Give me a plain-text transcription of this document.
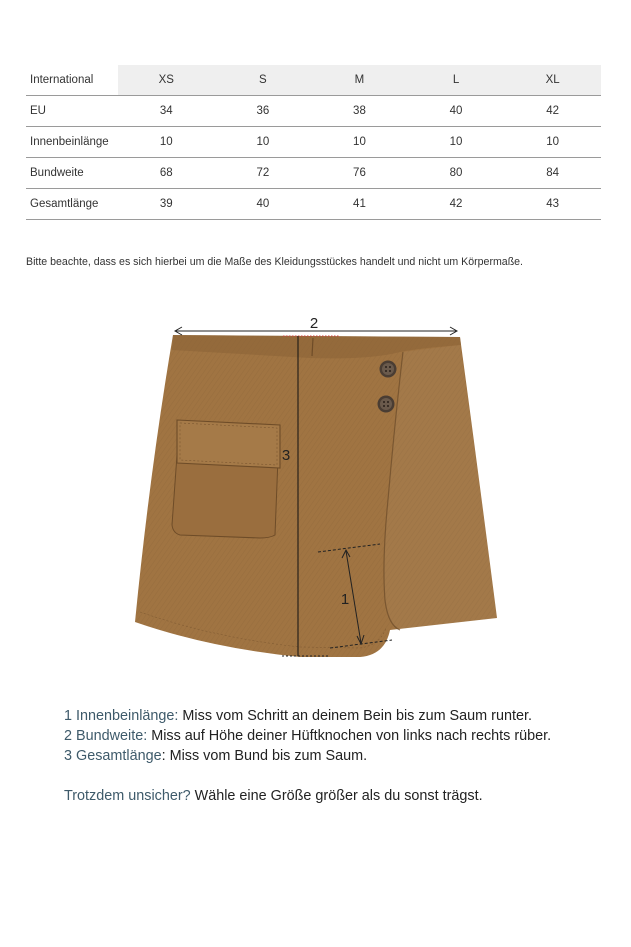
International	XS	S	M	L	XL
EU	34	36	38	40	42
Innenbeinlänge	10	10	10	10	10
Bundweite	68	72	76	80	84
Gesamtlänge	39	40	41	42	43

Bitte beachte, dass es sich hierbei um die Maße des Kleidungsstückes handelt und nicht um Körpermaße.

2
3
1
1 Innenbeinlänge: Miss vom Schritt an deinem Bein bis zum Saum runter.
2 Bundweite: Miss auf Höhe deiner Hüftknochen von links nach rechts rüber.
3 Gesamtlänge: Miss vom Bund bis zum Saum.
Trotzdem unsicher? Wähle eine Größe größer als du sonst trägst.
